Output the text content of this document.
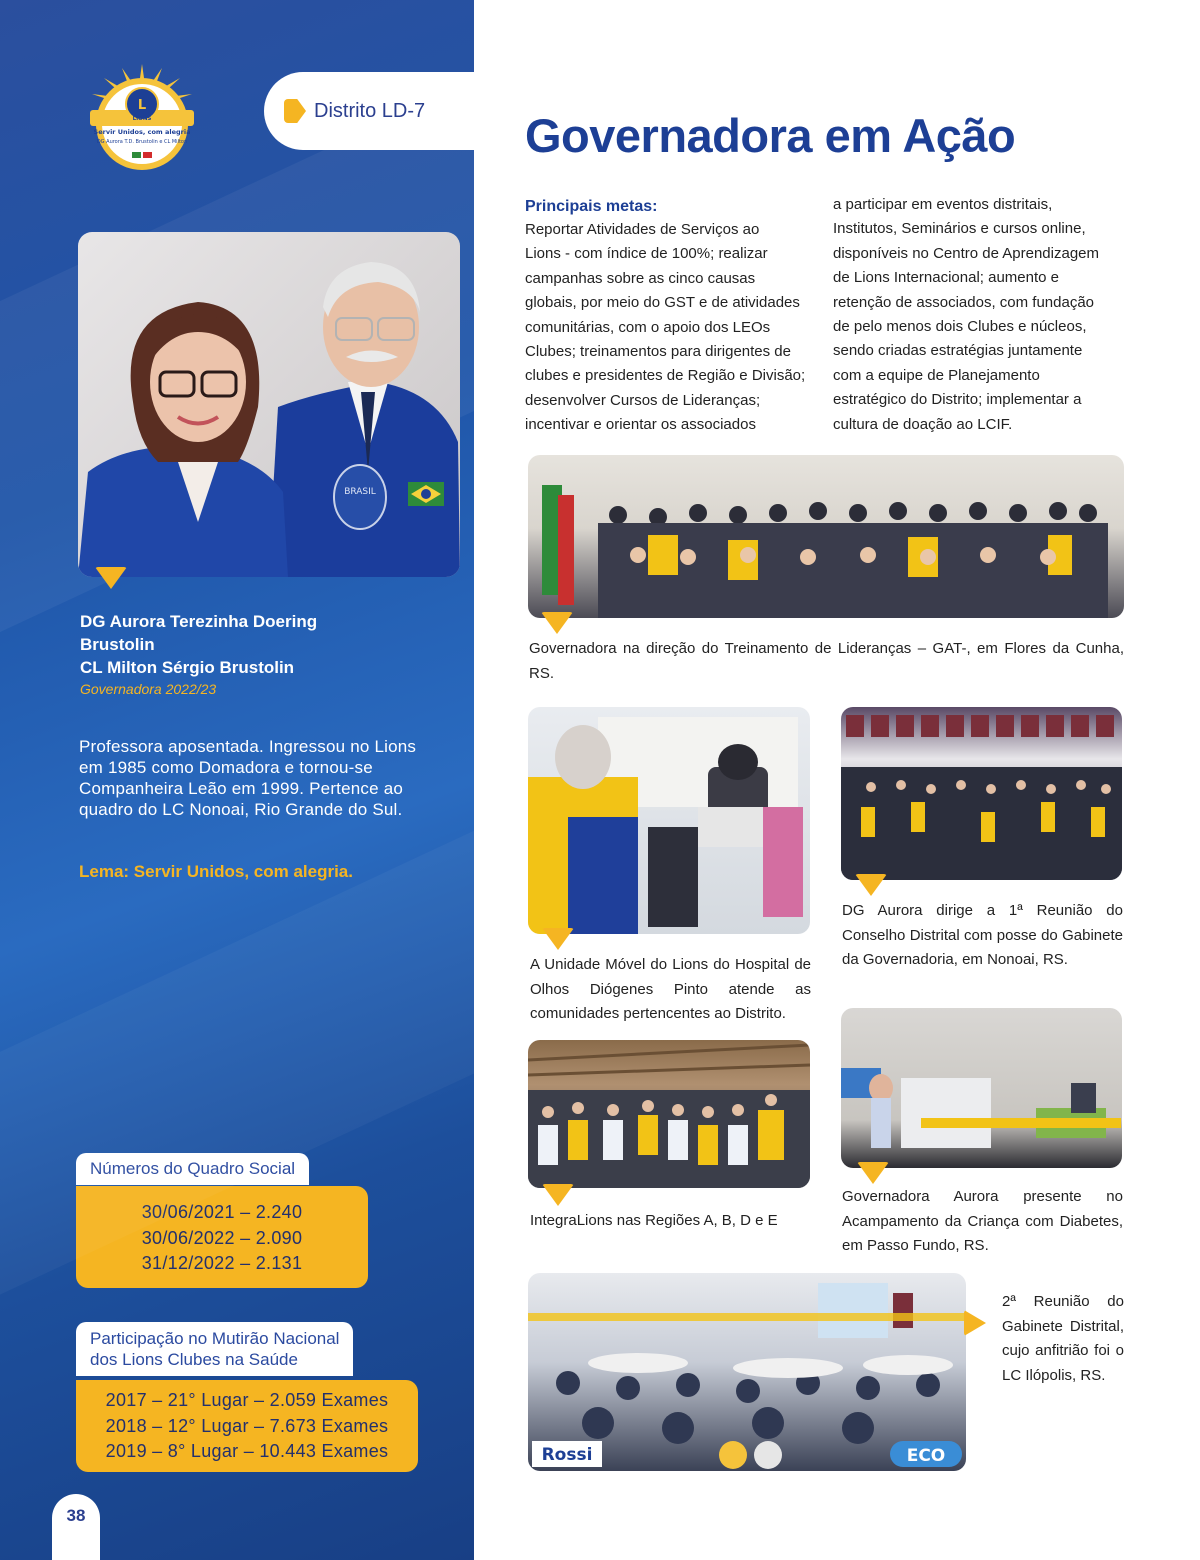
L
Servir Unidos, com alegria
DG Aurora T.D. Brustolin e CL Milton
LIONS
BRASIL
DG Aurora Terezinha Doering
Brustolin
CL Milton Sérgio Brustolin
Governadora 2022/23
Professora aposentada. Ingressou no Lions em 1985 como Domadora e tornou-se Companheira Leão em 1999. Pertence ao quadro do LC Nonoai, Rio Grande do Sul.
Lema: Servir Unidos, com alegria.
Números do Quadro Social
30/06/2021 – 2.240
30/06/2022 – 2.090
31/12/2022 – 2.131
Participação no Mutirão Nacional
dos Lions Clubes na Saúde
2017 – 21° Lugar – 2.059 Exames
2018 – 12° Lugar – 7.673 Exames
2019 – 8° Lugar – 10.443 Exames
38
Distrito LD-7 Governadora em Ação
Principais metas:
Reportar Atividades de Serviços ao
Lions - com índice de 100%; realizar
campanhas sobre as cinco causas
globais, por meio do GST e de atividades
comunitárias, com o apoio dos LEOs
Clubes; treinamentos para dirigentes de
clubes e presidentes de Região e Divisão;
desenvolver Cursos de Lideranças;
incentivar e orientar os associados
a participar em eventos distritais,
Institutos, Seminários e cursos online,
disponíveis no Centro de Aprendizagem
de Lions Internacional; aumento e
retenção de associados, com fundação
de pelo menos dois Clubes e núcleos,
sendo criadas estratégias juntamente
com a equipe de Planejamento
estratégico do Distrito; implementar a
cultura de doação ao LCIF.
Governadora na direção do Treinamento de Lideranças – GAT-, em Flores da Cunha, RS.
A Unidade Móvel do Lions do Hospital de Olhos Diógenes Pinto atende as comunidades pertencentes ao Distrito.
DG Aurora dirige a 1ª Reunião do Conselho Distrital com posse do Gabinete da Governadoria, em Nonoai, RS.
IntegraLions nas Regiões A, B, D e E
Governadora Aurora presente no Acampamento da Criança com Diabetes, em Passo Fundo, RS.
Rossi	ECO
2ª Reunião do Gabinete Distrital, cujo anfitrião foi o LC Ilópolis, RS.
